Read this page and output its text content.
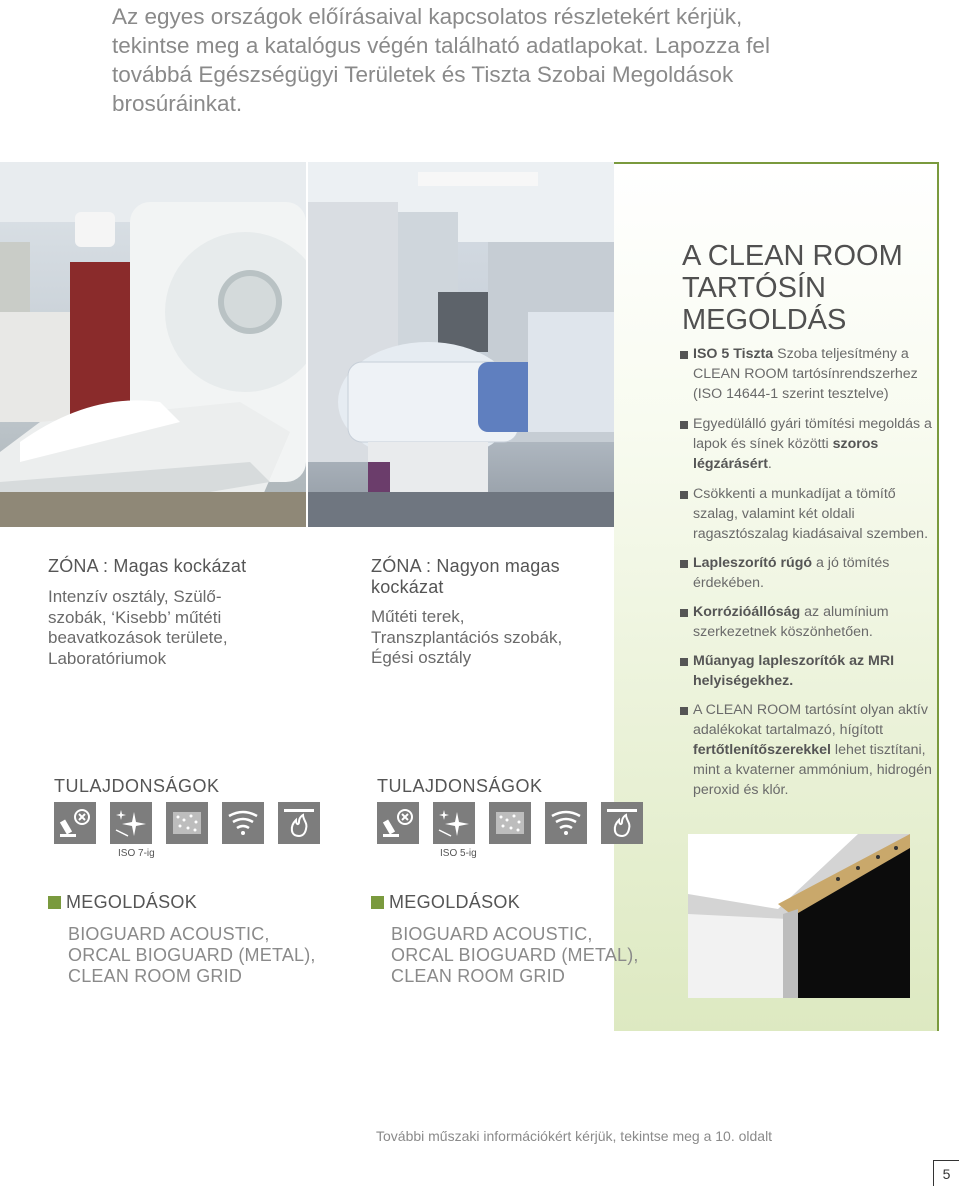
Az egyes országok előírásaival kapcsolatos részletekért kérjük, tekintse meg a katalógus végén található adatlapokat. Lapozza fel továbbá Egészségügyi Területek és Tiszta Szobai Megoldások brosúráinkat.
A CLEAN ROOM
TARTÓSÍN
MEGOLDÁS
ISO 5 Tiszta Szoba teljesítmény a CLEAN ROOM tartósínrendszerhez (ISO 14644-1 szerint tesztelve)
Egyedülálló gyári tömítési megoldás a lapok és sínek közötti szoros légzárásért.
Csökkenti a munkadíjat a tömítő szalag, valamint két oldali ragasztószalag kiadásaival szemben.
Lapleszorító rúgó a jó tömítés érdekében.
Korrózióállóság az alumínium szerkezetnek köszönhetően.
Műanyag lapleszorítók az MRI helyiségekhez.
A CLEAN ROOM tartósínt olyan aktív adalékokat tartalmazó, hígított fertőtlenítőszerekkel lehet tisztítani, mint a kvaterner ammónium, hidrogén peroxid és klór.
ZÓNA : Magas kockázat
Intenzív osztály, Szülő-
szobák, ‘Kisebb’ műtéti
beavatkozások területe,
Laboratóriumok
TULAJDONSÁGOK
ISO 7-ig
MEGOLDÁSOK
BIOGUARD ACOUSTIC,
ORCAL BIOGUARD (METAL),
CLEAN ROOM GRID
ZÓNA : Nagyon magas
kockázat
Műtéti terek,
Transzplantációs szobák,
Égési osztály
TULAJDONSÁGOK
ISO 5-ig
MEGOLDÁSOK
BIOGUARD ACOUSTIC,
ORCAL BIOGUARD (METAL),
CLEAN ROOM GRID
További műszaki információkért kérjük, tekintse meg a 10. oldalt
5
